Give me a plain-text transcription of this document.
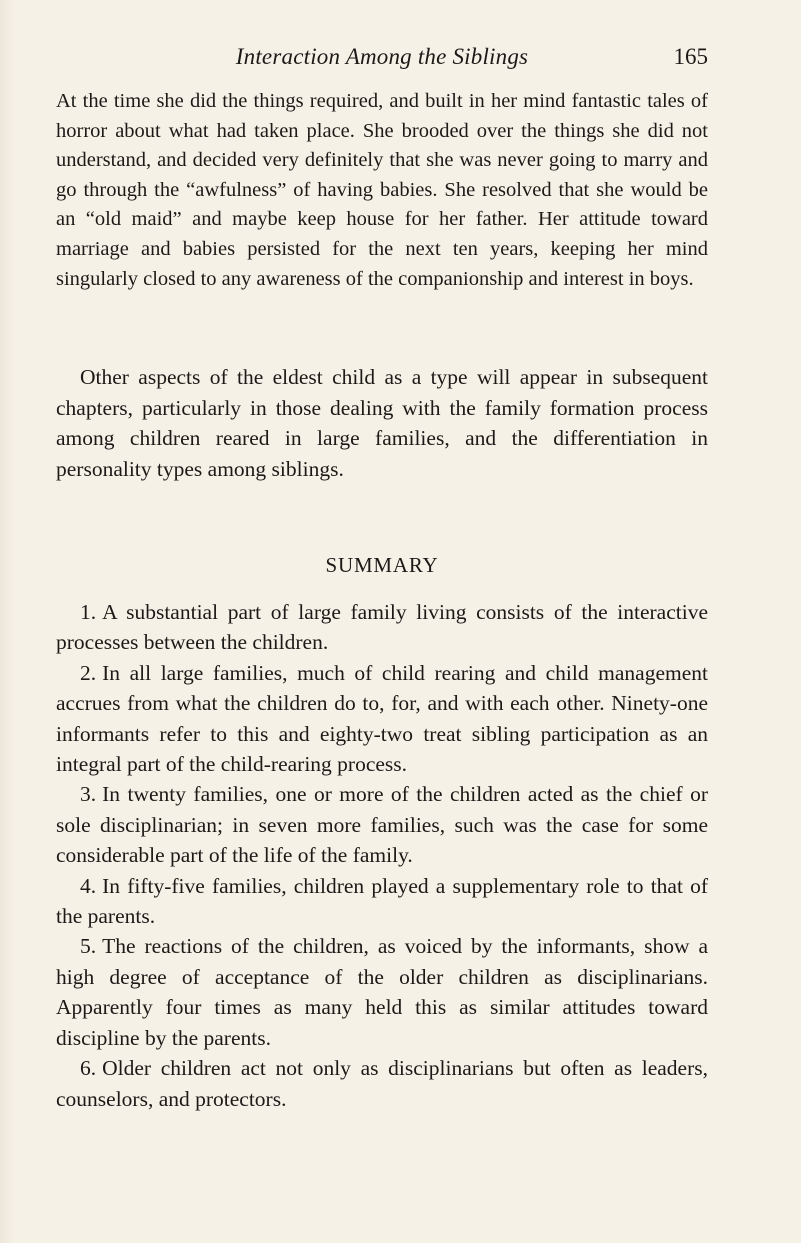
Interaction Among the Siblings	165

At the time she did the things required, and built in her mind fantastic tales of horror about what had taken place. She brooded over the things she did not understand, and decided very definitely that she was never going to marry and go through the “awfulness” of having babies. She resolved that she would be an “old maid” and maybe keep house for her father. Her attitude toward marriage and babies persisted for the next ten years, keeping her mind singularly closed to any awareness of the companionship and interest in boys.

Other aspects of the eldest child as a type will appear in subsequent chapters, particularly in those dealing with the family formation process among children reared in large families, and the differentiation in personality types among siblings.

SUMMARY

1. A substantial part of large family living consists of the interactive processes between the children.

2. In all large families, much of child rearing and child management accrues from what the children do to, for, and with each other. Ninety-one informants refer to this and eighty-two treat sibling participation as an integral part of the child-rearing process.

3. In twenty families, one or more of the children acted as the chief or sole disciplinarian; in seven more families, such was the case for some considerable part of the life of the family.

4. In fifty-five families, children played a supplementary role to that of the parents.

5. The reactions of the children, as voiced by the informants, show a high degree of acceptance of the older children as disciplinarians. Apparently four times as many held this as similar attitudes toward discipline by the parents.

6. Older children act not only as disciplinarians but often as leaders, counselors, and protectors.
